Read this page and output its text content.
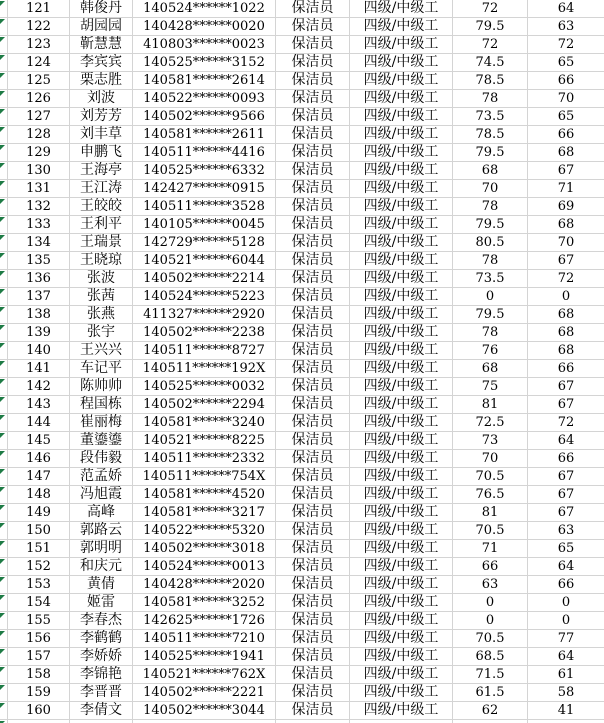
121	韩俊丹	140524******1022	保洁员	四级/中级工	72	64
122	胡园园	140428******0020	保洁员	四级/中级工	79.5	63
123	靳慧慧	410803******0023	保洁员	四级/中级工	72	72
124	李宾宾	140525******3152	保洁员	四级/中级工	74.5	65
125	栗志胜	140581******2614	保洁员	四级/中级工	78.5	66
126	刘波	140522******0093	保洁员	四级/中级工	78	70
127	刘芳芳	140502******9566	保洁员	四级/中级工	73.5	65
128	刘丰草	140581******2611	保洁员	四级/中级工	78.5	66
129	申鹏飞	140511******4416	保洁员	四级/中级工	79.5	68
130	王海亭	140525******6332	保洁员	四级/中级工	68	67
131	王江涛	142427******0915	保洁员	四级/中级工	70	71
132	王皎皎	140511******3528	保洁员	四级/中级工	78	69
133	王利平	140105******0045	保洁员	四级/中级工	79.5	68
134	王瑞景	142729******5128	保洁员	四级/中级工	80.5	70
135	王晓琼	140521******6044	保洁员	四级/中级工	78	67
136	张波	140502******2214	保洁员	四级/中级工	73.5	72
137	张茜	140524******5223	保洁员	四级/中级工	0	0
138	张燕	411327******2920	保洁员	四级/中级工	79.5	68
139	张宇	140502******2238	保洁员	四级/中级工	78	68
140	王兴兴	140511******8727	保洁员	四级/中级工	76	68
141	车记平	140511******192X	保洁员	四级/中级工	68	66
142	陈帅帅	140525******0032	保洁员	四级/中级工	75	67
143	程国栋	140502******2294	保洁员	四级/中级工	81	67
144	崔丽梅	140581******3240	保洁员	四级/中级工	72.5	72
145	董鎏鎏	140521******8225	保洁员	四级/中级工	73	64
146	段伟毅	140511******2332	保洁员	四级/中级工	70	66
147	范孟娇	140511******754X	保洁员	四级/中级工	70.5	67
148	冯旭霞	140581******4520	保洁员	四级/中级工	76.5	67
149	高峰	140581******3217	保洁员	四级/中级工	81	67
150	郭路云	140522******5320	保洁员	四级/中级工	70.5	63
151	郭明明	140502******3018	保洁员	四级/中级工	71	65
152	和庆元	140524******0013	保洁员	四级/中级工	66	64
153	黄倩	140428******2020	保洁员	四级/中级工	63	66
154	姬雷	140581******3252	保洁员	四级/中级工	0	0
155	李春杰	142625******1726	保洁员	四级/中级工	0	0
156	李鹤鹤	140511******7210	保洁员	四级/中级工	70.5	77
157	李娇娇	140525******1941	保洁员	四级/中级工	68.5	64
158	李锦艳	140521******762X	保洁员	四级/中级工	71.5	61
159	李晋晋	140502******2221	保洁员	四级/中级工	61.5	58
160	李倩文	140502******3044	保洁员	四级/中级工	62	41
